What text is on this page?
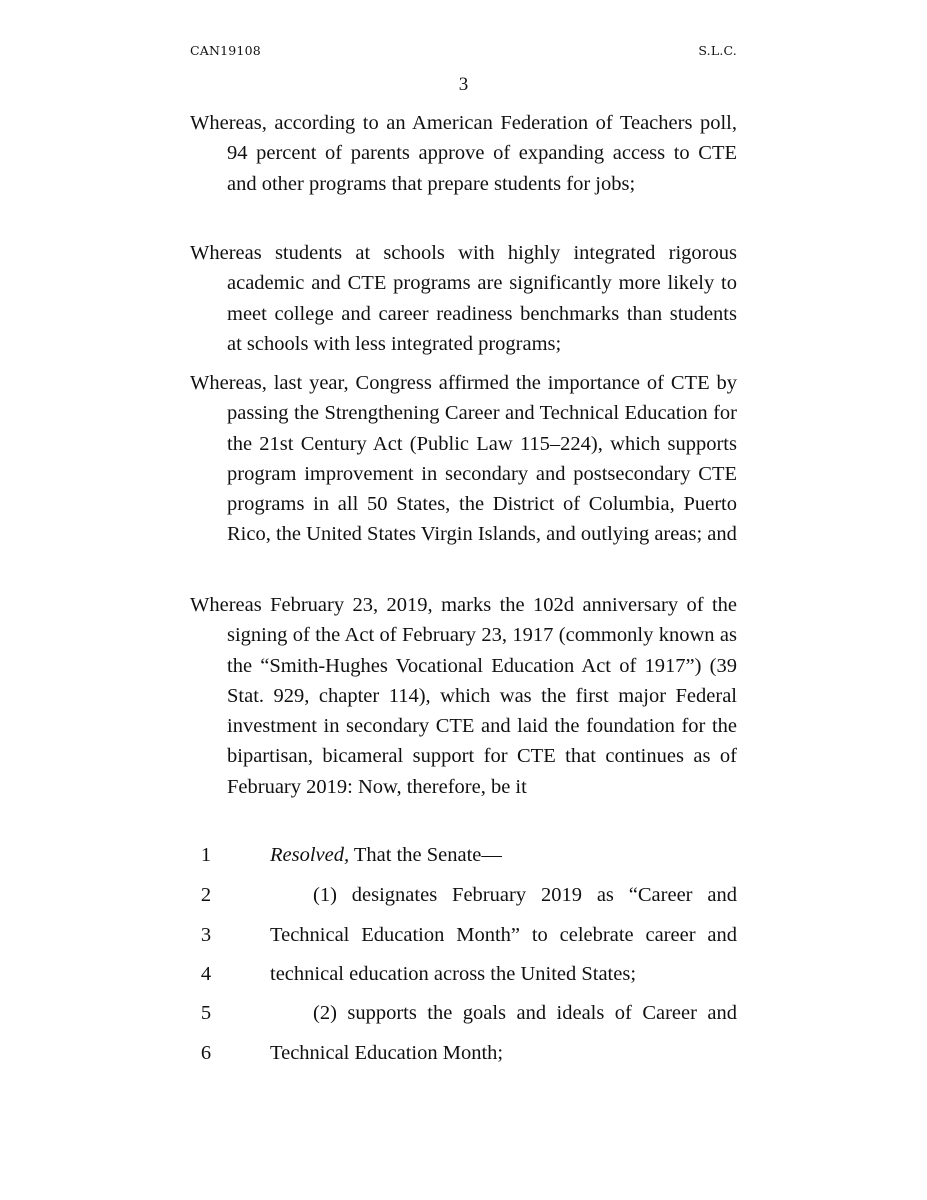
CAN19108	S.L.C.
3
Whereas, according to an American Federation of Teachers poll, 94 percent of parents approve of expanding access to CTE and other programs that prepare students for jobs;
Whereas students at schools with highly integrated rigorous academic and CTE programs are significantly more likely to meet college and career readiness benchmarks than students at schools with less integrated programs;
Whereas, last year, Congress affirmed the importance of CTE by passing the Strengthening Career and Technical Education for the 21st Century Act (Public Law 115–224), which supports program improvement in secondary and postsecondary CTE programs in all 50 States, the District of Columbia, Puerto Rico, the United States Virgin Islands, and outlying areas; and
Whereas February 23, 2019, marks the 102d anniversary of the signing of the Act of February 23, 1917 (commonly known as the “Smith-Hughes Vocational Education Act of 1917”) (39 Stat. 929, chapter 114), which was the first major Federal investment in secondary CTE and laid the foundation for the bipartisan, bicameral support for CTE that continues as of February 2019: Now, therefore, be it
1	Resolved, That the Senate—
2	(1) designates February 2019 as “Career and
3	Technical Education Month” to celebrate career and
4	technical education across the United States;
5	(2) supports the goals and ideals of Career and
6	Technical Education Month;
